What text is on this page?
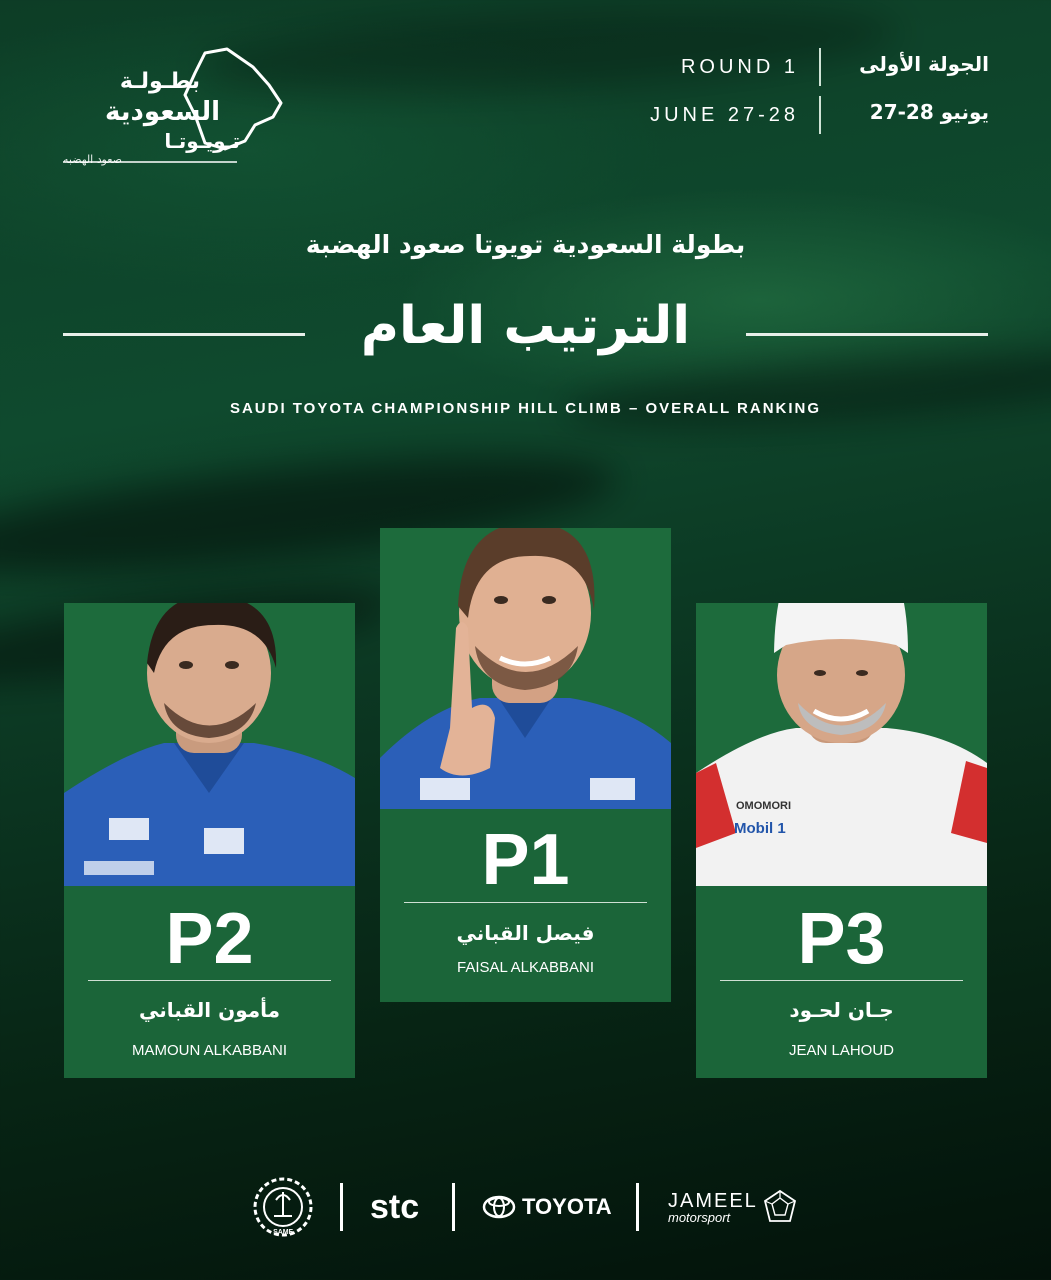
بطـولـة
السعودية
تـويـوتـا
صعود الهضبه
ROUND 1	الجولة الأولى
JUNE 27-28	27-28 يونيو
بطولة السعودية تويوتا صعود الهضبة
الترتيب العام
SAUDI TOYOTA CHAMPIONSHIP HILL CLIMB – OVERALL RANKING
P2
مأمون القباني
MAMOUN ALKABBANI
P1
فيصل القباني
FAISAL ALKABBANI
OMOMORI
Mobil 1
P3
جـان لحـود
JEAN LAHOUD
SAMF
stc	TOYOTA	JAMEEL
motorsport
